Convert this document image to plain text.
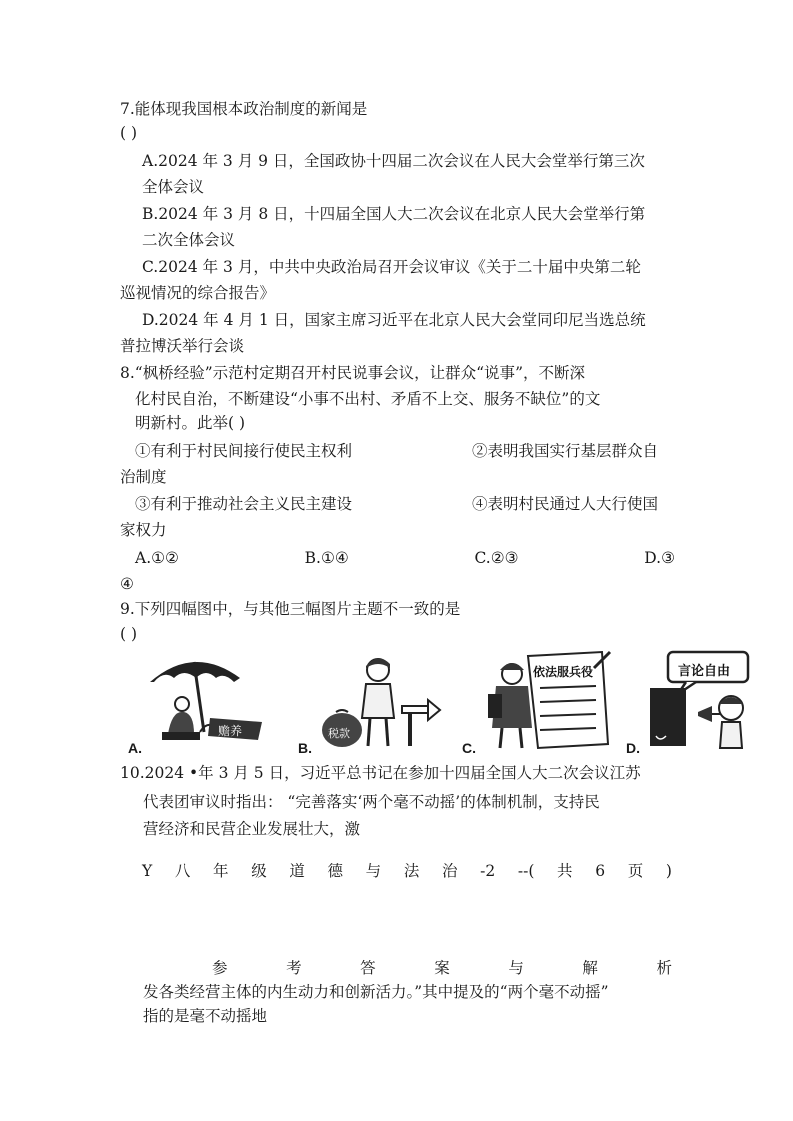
7.能体现我国根本政治制度的新闻是
( )
A.2024 年 3 月 9 日，全国政协十四届二次会议在人民大会堂举行第三次
全体会议
B.2024 年 3 月 8 日，十四届全国人大二次会议在北京人民大会堂举行第
二次全体会议
C.2024 年 3 月，中共中央政治局召开会议审议《关于二十届中央第二轮
巡视情况的综合报告》
D.2024 年 4 月 1 日，国家主席习近平在北京人民大会堂同印尼当选总统
普拉博沃举行会谈
8.“枫桥经验”示范村定期召开村民说事会议，让群众“说事”，不断深
化村民自治，不断建设“小事不出村、矛盾不上交、服务不缺位”的文
明新村。此举( )
①有利于村民间接行使民主权利	②表明我国实行基层群众自
治制度
③有利于推动社会主义民主建设	④表明村民通过人大行使国
家权力
A.①②	B.①④	C.②③	D.③
④
9.下列四幅图中，与其他三幅图片主题不一致的是
( )
赡养
A.
税款
B.
依法服兵役
C.
言论自由
D.
10.2024 •年 3 月 5 日，习近平总书记在参加十四届全国人大二次会议江苏
代表团审议时指出： “完善落实‘两个毫不动摇’的体制机制，支持民
营经济和民营企业发展壮大，激
Y 八 年 级 道 德 与 法 治 -2 --( 共 6 页 )
参	考	答	案	与	解	析
发各类经营主体的内生动力和创新活力。”其中提及的“两个毫不动摇”
指的是毫不动摇地
